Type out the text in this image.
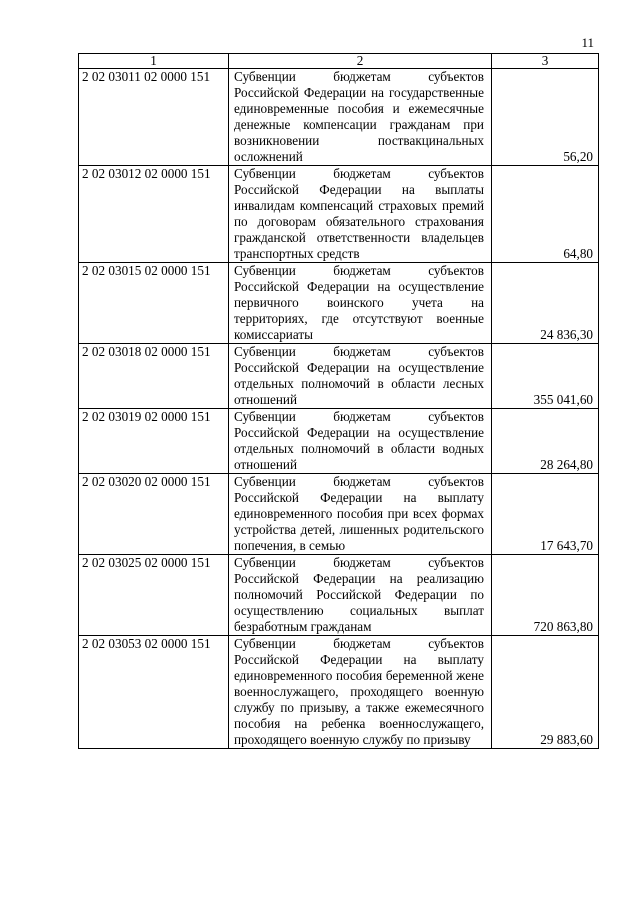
11
1	2	3
2 02 03011 02 0000 151	Субвенции бюджетам субъектов Российской Федерации на государственные единовременные пособия и ежемесячные денежные компенсации гражданам при возникновении поствакцинальных осложнений	56,20
2 02 03012 02 0000 151	Субвенции бюджетам субъектов Российской Федерации на выплаты инвалидам компенсаций страховых премий по договорам обязательного страхования гражданской ответственности владельцев транспортных средств	64,80
2 02 03015 02 0000 151	Субвенции бюджетам субъектов Российской Федерации на осуществление первичного воинского учета на территориях, где отсутствуют военные комиссариаты	24 836,30
2 02 03018 02 0000 151	Субвенции бюджетам субъектов Российской Федерации на осуществление отдельных полномочий в области лесных отношений	355 041,60
2 02 03019 02 0000 151	Субвенции бюджетам субъектов Российской Федерации на осуществление отдельных полномочий в области водных отношений	28 264,80
2 02 03020 02 0000 151	Субвенции бюджетам субъектов Российской Федерации на выплату единовременного пособия при всех формах устройства детей, лишенных родительского попечения, в семью	17 643,70
2 02 03025 02 0000 151	Субвенции бюджетам субъектов Российской Федерации на реализацию полномочий Российской Федерации по осуществлению социальных выплат безработным гражданам	720 863,80
2 02 03053 02 0000 151	Субвенции бюджетам субъектов Российской Федерации на выплату единовременного пособия беременной жене военнослужащего, проходящего военную службу по призыву, а также ежемесячного пособия на ребенка военнослужащего, проходящего военную службу по призыву	29 883,60
